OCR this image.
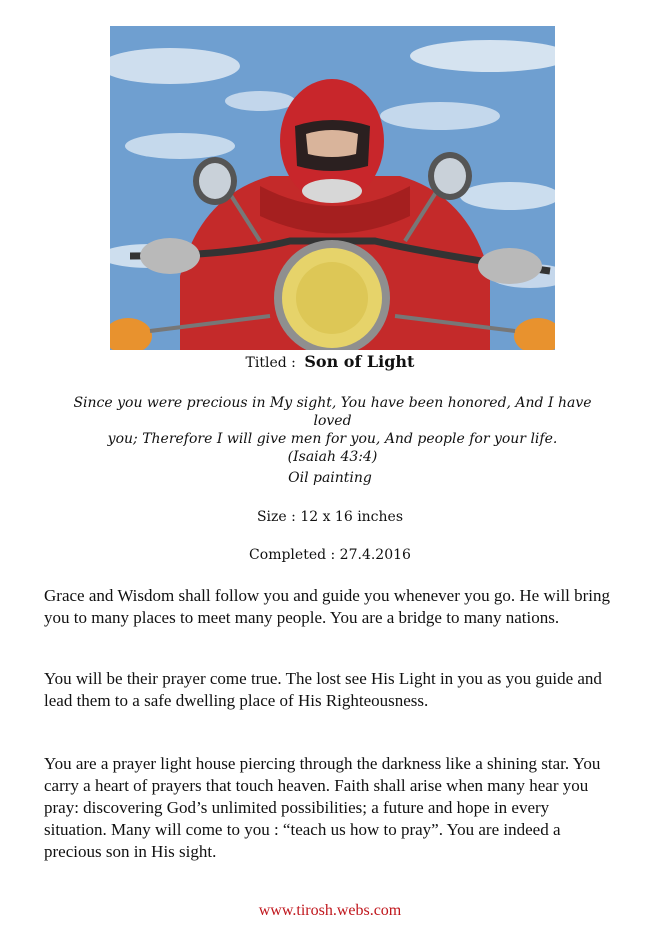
Titled : Son of Light
Since you were precious in My sight, You have been honored, And I have loved
you; Therefore I will give men for you, And people for your life.
(Isaiah 43:4)
Oil painting
Size : 12 x 16 inches
Completed : 27.4.2016

Grace and Wisdom shall follow you and guide you whenever you go. He will bring you to many places to meet many people. You are a bridge to many nations.

You will be their prayer come true. The lost see His Light in you as you guide and lead them to a safe dwelling place of His Righteousness.

You are a prayer light house piercing through the darkness like a shining star. You carry a heart of prayers that touch heaven. Faith shall arise when many hear you pray: discovering God’s unlimited possibilities; a future and hope in every situation. Many will come to you : “teach us how to pray”. You are indeed a precious son in His sight.

www.tirosh.webs.com
